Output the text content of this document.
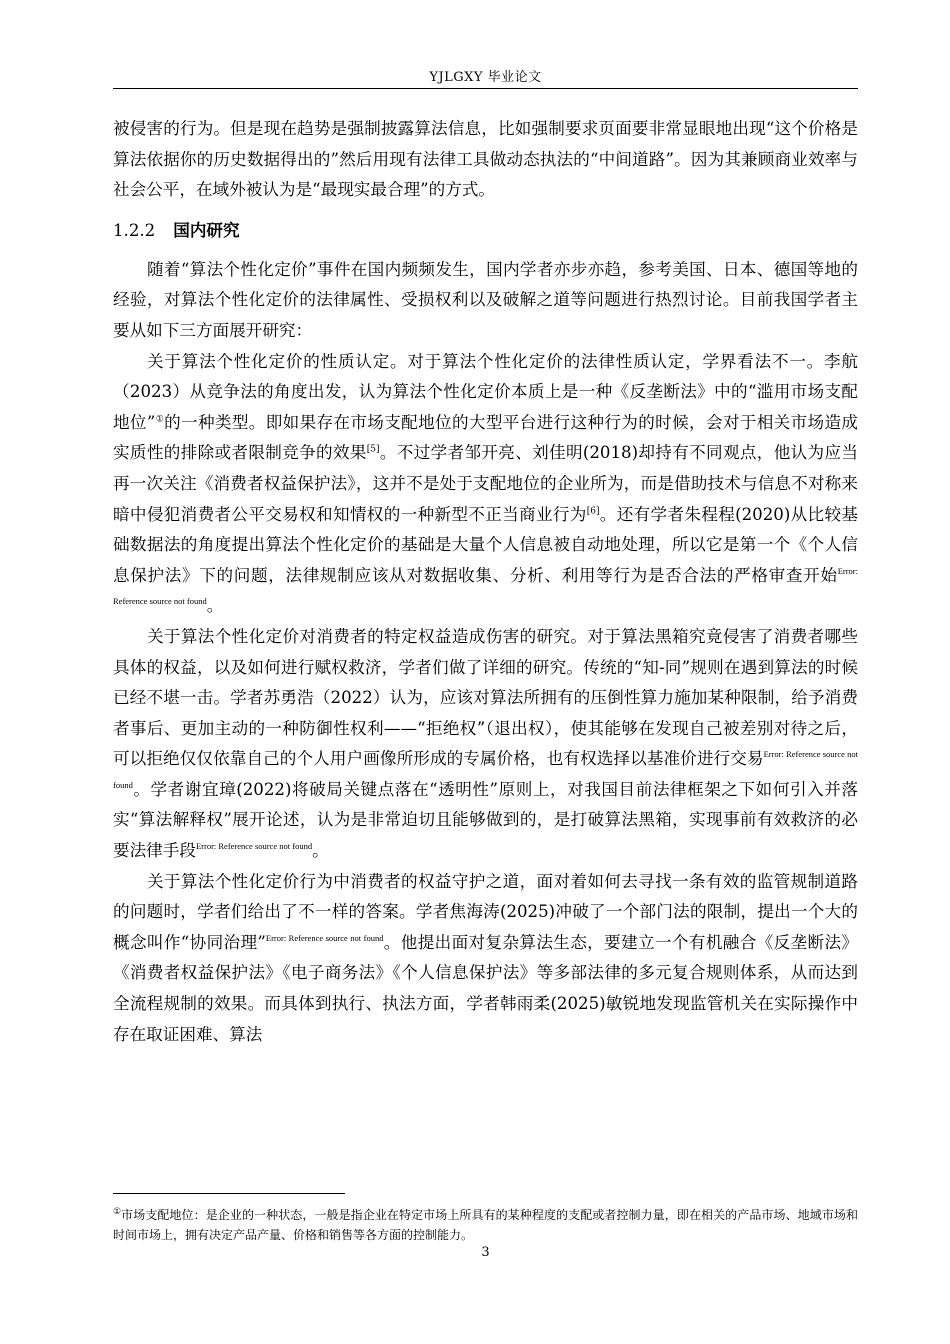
YJLGXY 毕业论文

被侵害的行为。但是现在趋势是强制披露算法信息，比如强制要求页面要非常显眼地出现“这个价格是算法依据你的历史数据得出的”然后用现有法律工具做动态执法的“中间道路”。因为其兼顾商业效率与社会公平，在域外被认为是“最现实最合理”的方式。

1.2.2 国内研究

随着“算法个性化定价”事件在国内频频发生，国内学者亦步亦趋，参考美国、日本、德国等地的经验，对算法个性化定价的法律属性、受损权利以及破解之道等问题进行热烈讨论。目前我国学者主要从如下三方面展开研究：

关于算法个性化定价的性质认定。对于算法个性化定价的法律性质认定，学界看法不一。李航（2023）从竞争法的角度出发，认为算法个性化定价本质上是一种《反垄断法》中的“滥用市场支配地位”①的一种类型。即如果存在市场支配地位的大型平台进行这种行为的时候，会对于相关市场造成实质性的排除或者限制竞争的效果[5]。不过学者邹开亮、刘佳明(2018)却持有不同观点，他认为应当再一次关注《消费者权益保护法》，这并不是处于支配地位的企业所为，而是借助技术与信息不对称来暗中侵犯消费者公平交易权和知情权的一种新型不正当商业行为[6]。还有学者朱程程(2020)从比较基础数据法的角度提出算法个性化定价的基础是大量个人信息被自动地处理，所以它是第一个《个人信息保护法》下的问题，法律规制应该从对数据收集、分析、利用等行为是否合法的严格审查开始$^{Error: Reference source not found}$。

关于算法个性化定价对消费者的特定权益造成伤害的研究。对于算法黑箱究竟侵害了消费者哪些具体的权益，以及如何进行赋权救济，学者们做了详细的研究。传统的“知-同”规则在遇到算法的时候已经不堪一击。学者苏勇浩（2022）认为，应该对算法所拥有的压倒性算力施加某种限制，给予消费者事后、更加主动的一种防御性权利——“拒绝权”（退出权），使其能够在发现自己被差别对待之后，可以拒绝仅仅依靠自己的个人用户画像所形成的专属价格，也有权选择以基准价进行交易$^{Error: Reference source not found}$。学者谢宜璋(2022)将破局关键点落在“透明性”原则上，对我国目前法律框架之下如何引入并落实“算法解释权”展开论述，认为是非常迫切且能够做到的，是打破算法黑箱，实现事前有效救济的必要法律手段$^{Error: Reference source not found}$。

关于算法个性化定价行为中消费者的权益守护之道，面对着如何去寻找一条有效的监管规制道路的问题时，学者们给出了不一样的答案。学者焦海涛(2025)冲破了一个部门法的限制，提出一个大的概念叫作“协同治理”$^{Error: Reference source not found}$。他提出面对复杂算法生态，要建立一个有机融合《反垄断法》《消费者权益保护法》《电子商务法》《个人信息保护法》等多部法律的多元复合规则体系，从而达到全流程规制的效果。而具体到执行、执法方面，学者韩雨柔(2025)敏锐地发现监管机关在实际操作中存在取证困难、算法

①市场支配地位：是企业的一种状态，一般是指企业在特定市场上所具有的某种程度的支配或者控制力量，即在相关的产品市场、地域市场和时间市场上，拥有决定产品产量、价格和销售等各方面的控制能力。
3
